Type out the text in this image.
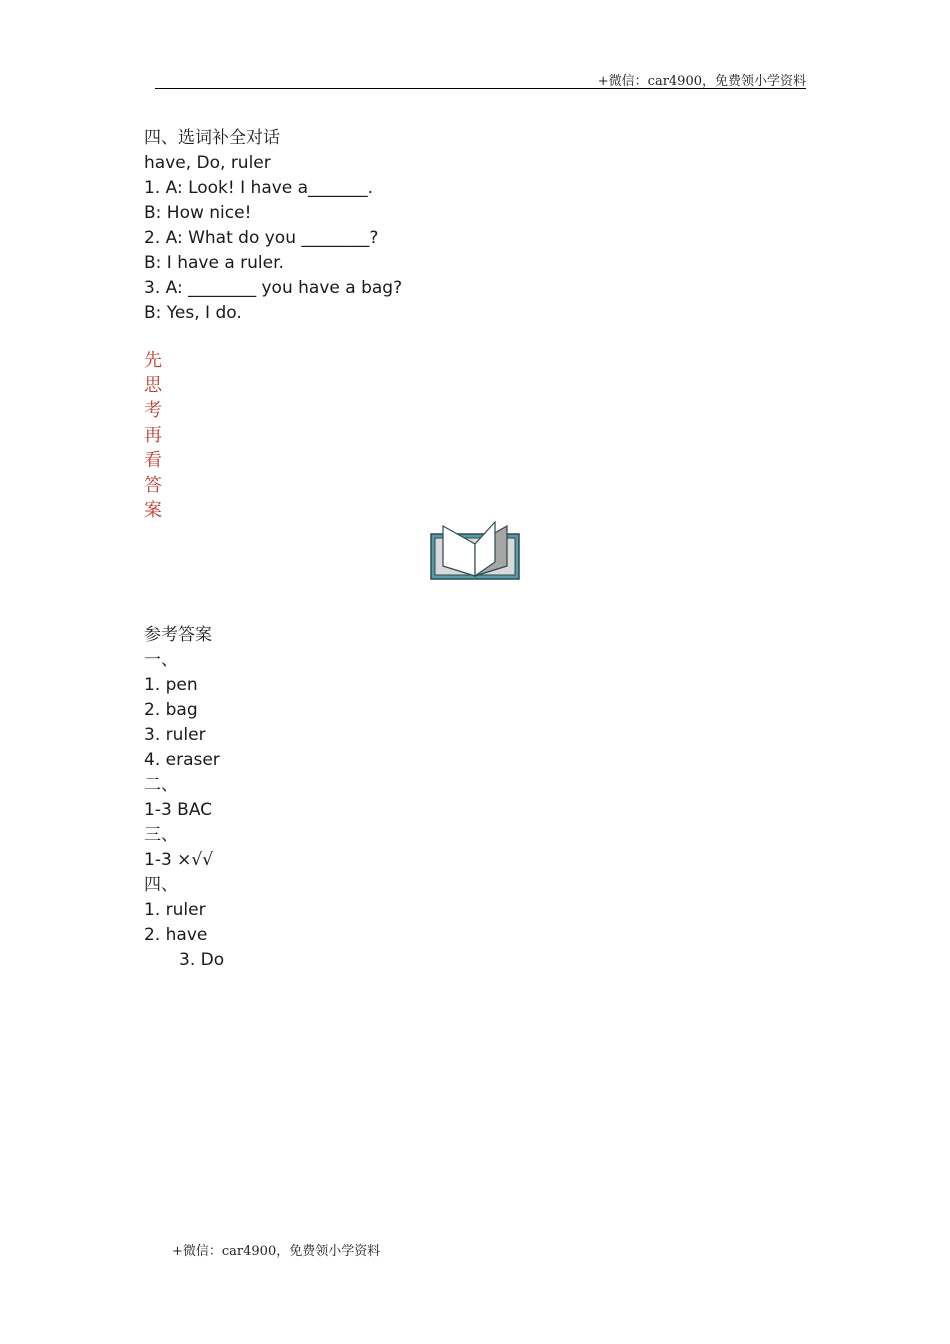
+微信：car4900，免费领小学资料
四、选词补全对话
have, Do, ruler
1. A: Look! I have a_______.
B: How nice!
2. A: What do you ________?
B: I have a ruler.
3. A: ________ you have a bag?
B: Yes, I do.
先
思
考
再
看
答
案
参考答案
一、
1. pen
2. bag
3. ruler
4. eraser
二、
1-3 BAC
三、
1-3 ×√√
四、
1. ruler
2. have
3. Do
+微信：car4900，免费领小学资料
